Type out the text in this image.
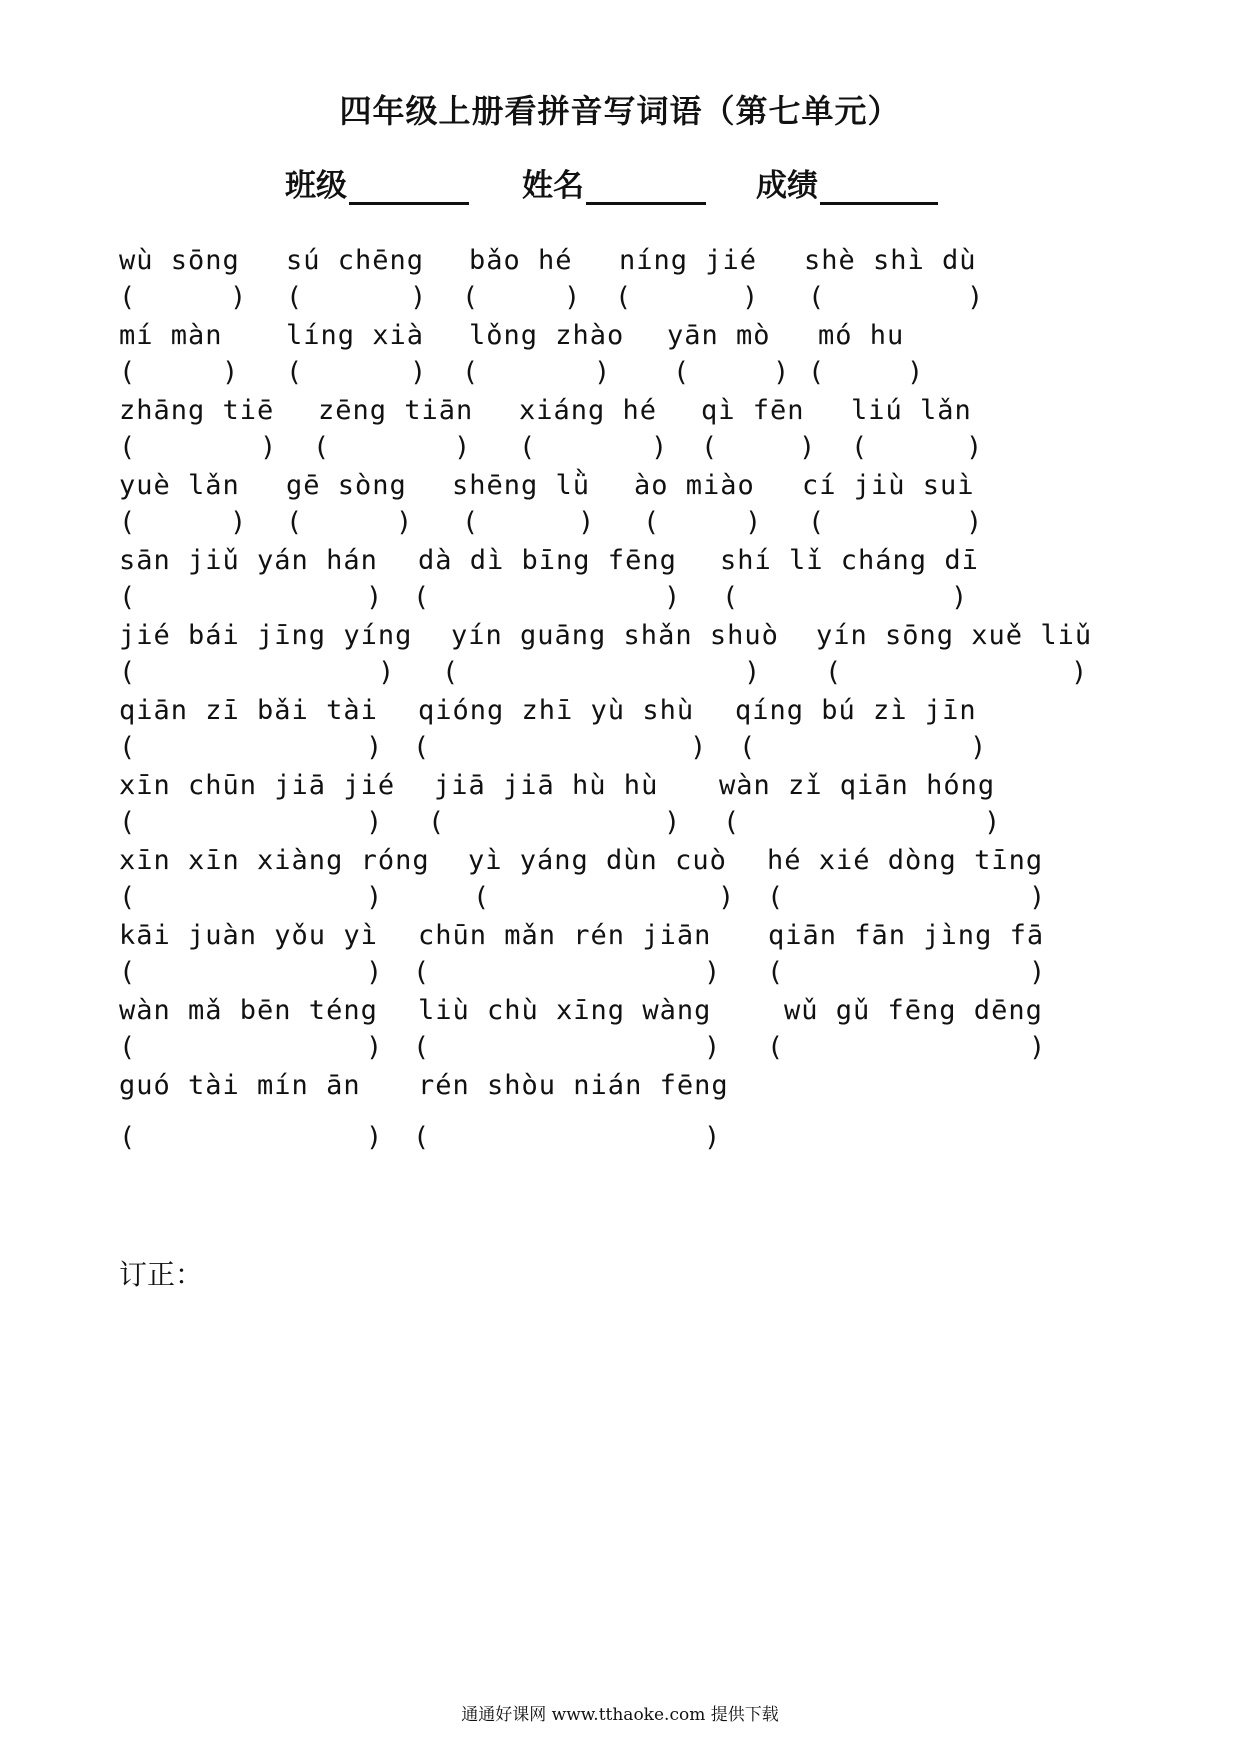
四年级上册看拼音写词语（第七单元）
班级	姓名	成绩
wù sōng
(	)
sú chēng
(	)
bǎo hé
(	)
níng jié
(	)
shè shì dù
(	)
mí màn
(	)
líng xià
(	)
lǒng zhào
(	)
yān mò
(	)
mó hu
(	)
zhāng tiē
(	)
zēng tiān
(	)
xiáng hé
(	)
qì fēn
(	)
liú lǎn
(	)
yuè lǎn
(	)
gē sòng
(	)
shēng lǜ
(	)
ào miào
(	)
cí jiù suì
(	)
sān jiǔ yán hán
(	)
dà dì bīng fēng
(	)
shí lǐ cháng dī
(	)
jié bái jīng yíng
(	)
yín guāng shǎn shuò
(	)
yín sōng xuě liǔ
(	)
qiān zī bǎi tài
(	)
qióng zhī yù shù
(	)
qíng bú zì jīn
(	)
xīn chūn jiā jié
(	)
jiā jiā hù hù
(	)
wàn zǐ qiān hóng
(	)
xīn xīn xiàng róng
(	)
yì yáng dùn cuò
(	)
hé xié dòng tīng
(	)
kāi juàn yǒu yì
(	)
chūn mǎn rén jiān
(	)
qiān fān jìng fā
(	)
wàn mǎ bēn téng
(	)
liù chù xīng wàng
(	)
wǔ gǔ fēng dēng
(	)
guó tài mín ān
(	)
rén shòu nián fēng
(	)
订正：
通通好课网 www.tthaoke.com 提供下载
